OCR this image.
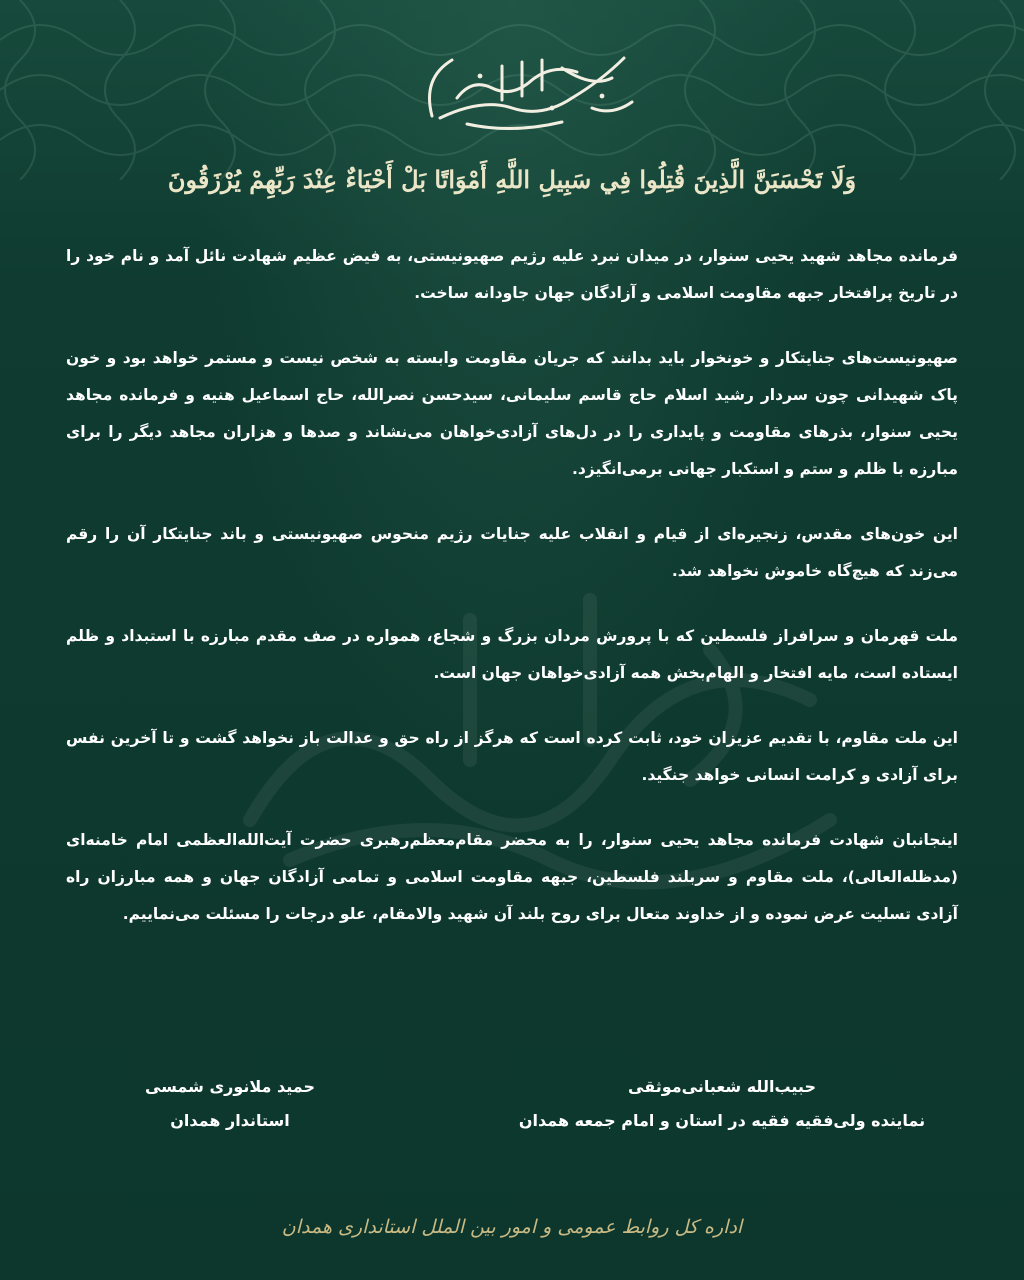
وَلَا تَحْسَبَنَّ الَّذِينَ قُتِلُوا فِي سَبِيلِ اللَّهِ أَمْوَاتًا بَلْ أَحْيَاءٌ عِنْدَ رَبِّهِمْ يُرْزَقُونَ

فرمانده مجاهد شهید یحیی سنوار، در میدان نبرد علیه رژیم صهیونیستی، به فیض عظیم شهادت نائل آمد و نام خود را در تاریخ پرافتخار جبهه مقاومت اسلامی و آزادگان جهان جاودانه ساخت.

صهیونیست‌های جنایتکار و خونخوار باید بدانند که جریان مقاومت وابسته به شخص نیست و مستمر خواهد بود و خون پاک شهیدانی چون سردار رشید اسلام حاج قاسم سلیمانی، سیدحسن نصرالله، حاج اسماعیل هنیه و فرمانده مجاهد یحیی سنوار، بذرهای مقاومت و پایداری را در دل‌های آزادی‌خواهان می‌نشاند و صدها و هزاران مجاهد دیگر را برای مبارزه با ظلم و ستم و استکبار جهانی برمی‌انگیزد.

این خون‌های مقدس، زنجیره‌ای از قیام و انقلاب علیه جنایات رژیم منحوس صهیونیستی و باند جنایتکار آن را رقم می‌زند که هیچ‌گاه خاموش نخواهد شد.

ملت قهرمان و سرافراز فلسطین که با پرورش مردان بزرگ و شجاع، همواره در صف مقدم مبارزه با استبداد و ظلم ایستاده است، مایه افتخار و الهام‌بخش همه آزادی‌خواهان جهان است.

این ملت مقاوم، با تقدیم عزیزان خود، ثابت کرده است که هرگز از راه حق و عدالت باز نخواهد گشت و تا آخرین نفس برای آزادی و کرامت انسانی خواهد جنگید.

اینجانبان شهادت فرمانده مجاهد یحیی سنوار، را به محضر مقام‌معظم‌رهبری حضرت آیت‌الله‌العظمی امام خامنه‌ای (مدظله‌العالی)، ملت مقاوم و سربلند فلسطین، جبهه مقاومت اسلامی و تمامی آزادگان جهان و همه مبارزان راه آزادی تسلیت عرض نموده و از خداوند متعال برای روح بلند آن شهید والامقام، علو درجات را مسئلت می‌نماییم.

حبیب‌الله شعبانی‌موثقی
نماینده ولی‌فقیه فقیه در استان و امام جمعه همدان
حمید ملانوری شمسی
استاندار همدان
اداره کل روابط عمومی و امور بین الملل استانداری همدان
